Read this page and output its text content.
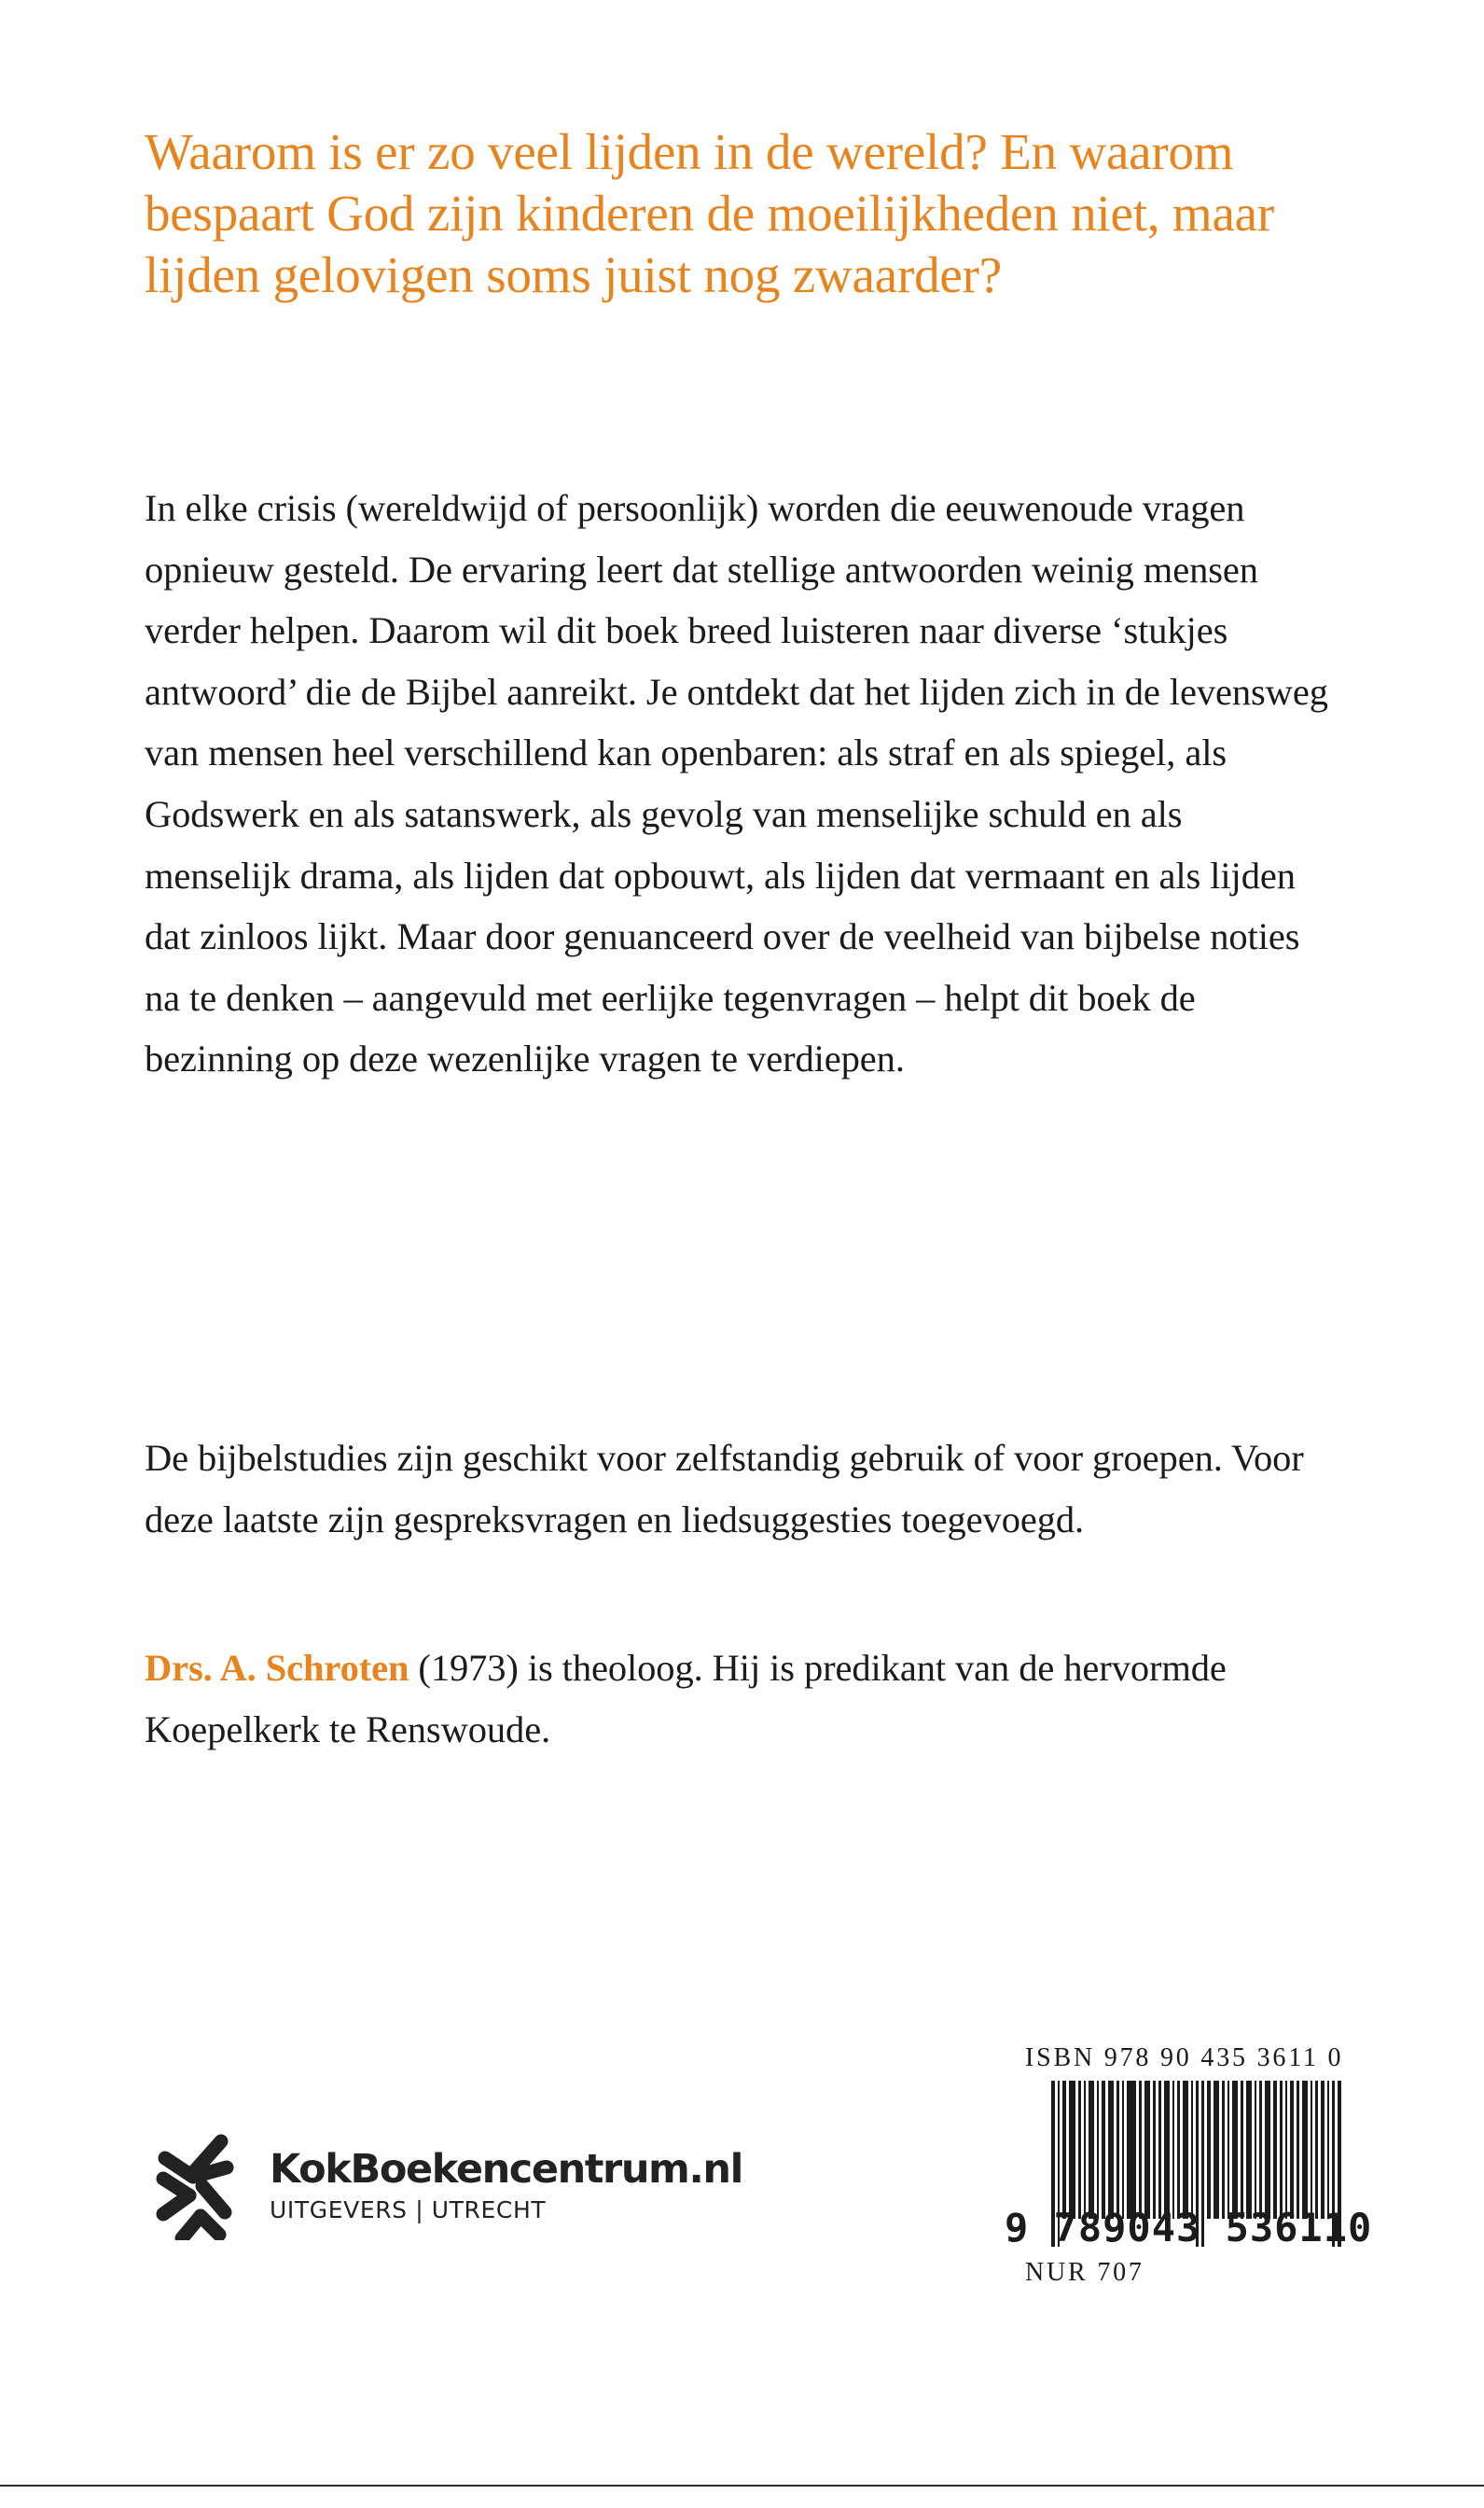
Waarom is er zo veel lijden in de wereld? En waarom bespaart God zijn kinderen de moeilijkheden niet, maar lijden gelovigen soms juist nog zwaarder?
In elke crisis (wereldwijd of persoonlijk) worden die eeuwenoude vragen opnieuw gesteld. De ervaring leert dat stellige antwoorden weinig mensen verder helpen. Daarom wil dit boek breed luisteren naar diverse ‘stukjes antwoord’ die de Bijbel aanreikt. Je ontdekt dat het lijden zich in de levensweg van mensen heel verschillend kan openbaren: als straf en als spiegel, als Godswerk en als satanswerk, als gevolg van menselijke schuld en als menselijk drama, als lijden dat opbouwt, als lijden dat vermaant en als lijden dat zinloos lijkt. Maar door genuanceerd over de veelheid van bijbelse noties na te denken – aangevuld met eerlijke tegenvragen – helpt dit boek de bezinning op deze wezenlijke vragen te verdiepen.
De bijbelstudies zijn geschikt voor zelfstandig gebruik of voor groepen. Voor deze laatste zijn gespreksvragen en liedsuggesties toegevoegd.
Drs. A. Schroten (1973) is theoloog. Hij is predikant van de hervormde Koepelkerk te Renswoude.
KokBoekencentrum.nl
UITGEVERS | UTRECHT
ISBN 978 90 435 3611 0
9 789043 536110
NUR 707
